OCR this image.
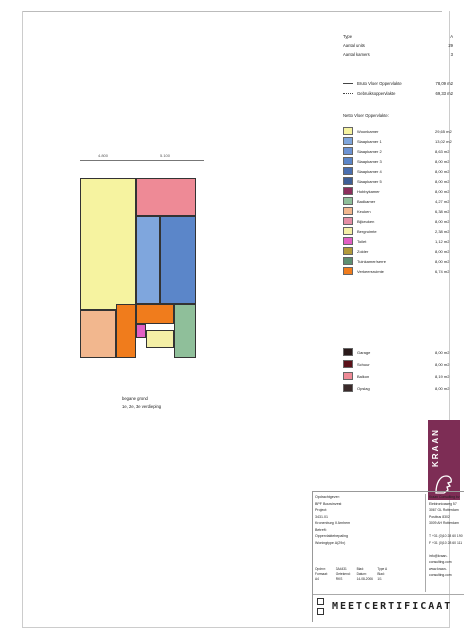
Type	A
Aantal units	29
Aantal kamers	3
Bruto Vloer Oppervlakte	78,09 m2
Gebruiksoppervlakte	69,33 m2
Netto Vloer Oppervlakte:
Woonkamer	29,65 m2
Slaapkamer 1	13,02 m2
Slaapkamer 2	8,63 m2
Slaapkamer 3	8,00 m2
Slaapkamer 4	8,00 m2
Slaapkamer 5	8,00 m2
Hobbykamer	8,00 m2
Badkamer	4,27 m2
Keuken	6,38 m2
Bijkeuken	8,00 m2
Bergruimte	2,38 m2
Toilet	1,12 m2
Zolder	8,00 m2
Tuinkamer/serre	8,00 m2
Verkeersruimte	6,74 m2
Garage	8,00 m2
Schuur	8,00 m2
Balkon	8,19 m2
Opslag	8,00 m2
4.800	5.100
begane grond
1e, 2e, 3e verdieping
KRAAN
Opdrachtgever:
BPF Bouwinvest
Project:
3431.01
Kronenburg II Arnhem
Betreft:
Oppervlaktebepaling
Woningtype A(29x)
Opdrnr:	3A4431	Blad:	Type A
Formaat:	Getekend:	Datum:	Blad:
A4	RKS	14-08-2006	1/1
Kraan Consulting bv
Elektronicaweg 57
3067 GL Rotterdam
Postbus 8302
3009 AH Rotterdam

T +31 (0)10 28 60 190
F +31 (0)10 28 60 111

info@kraan-consulting.com
www.kraan-consulting.com
MEETCERTIFICAAT
